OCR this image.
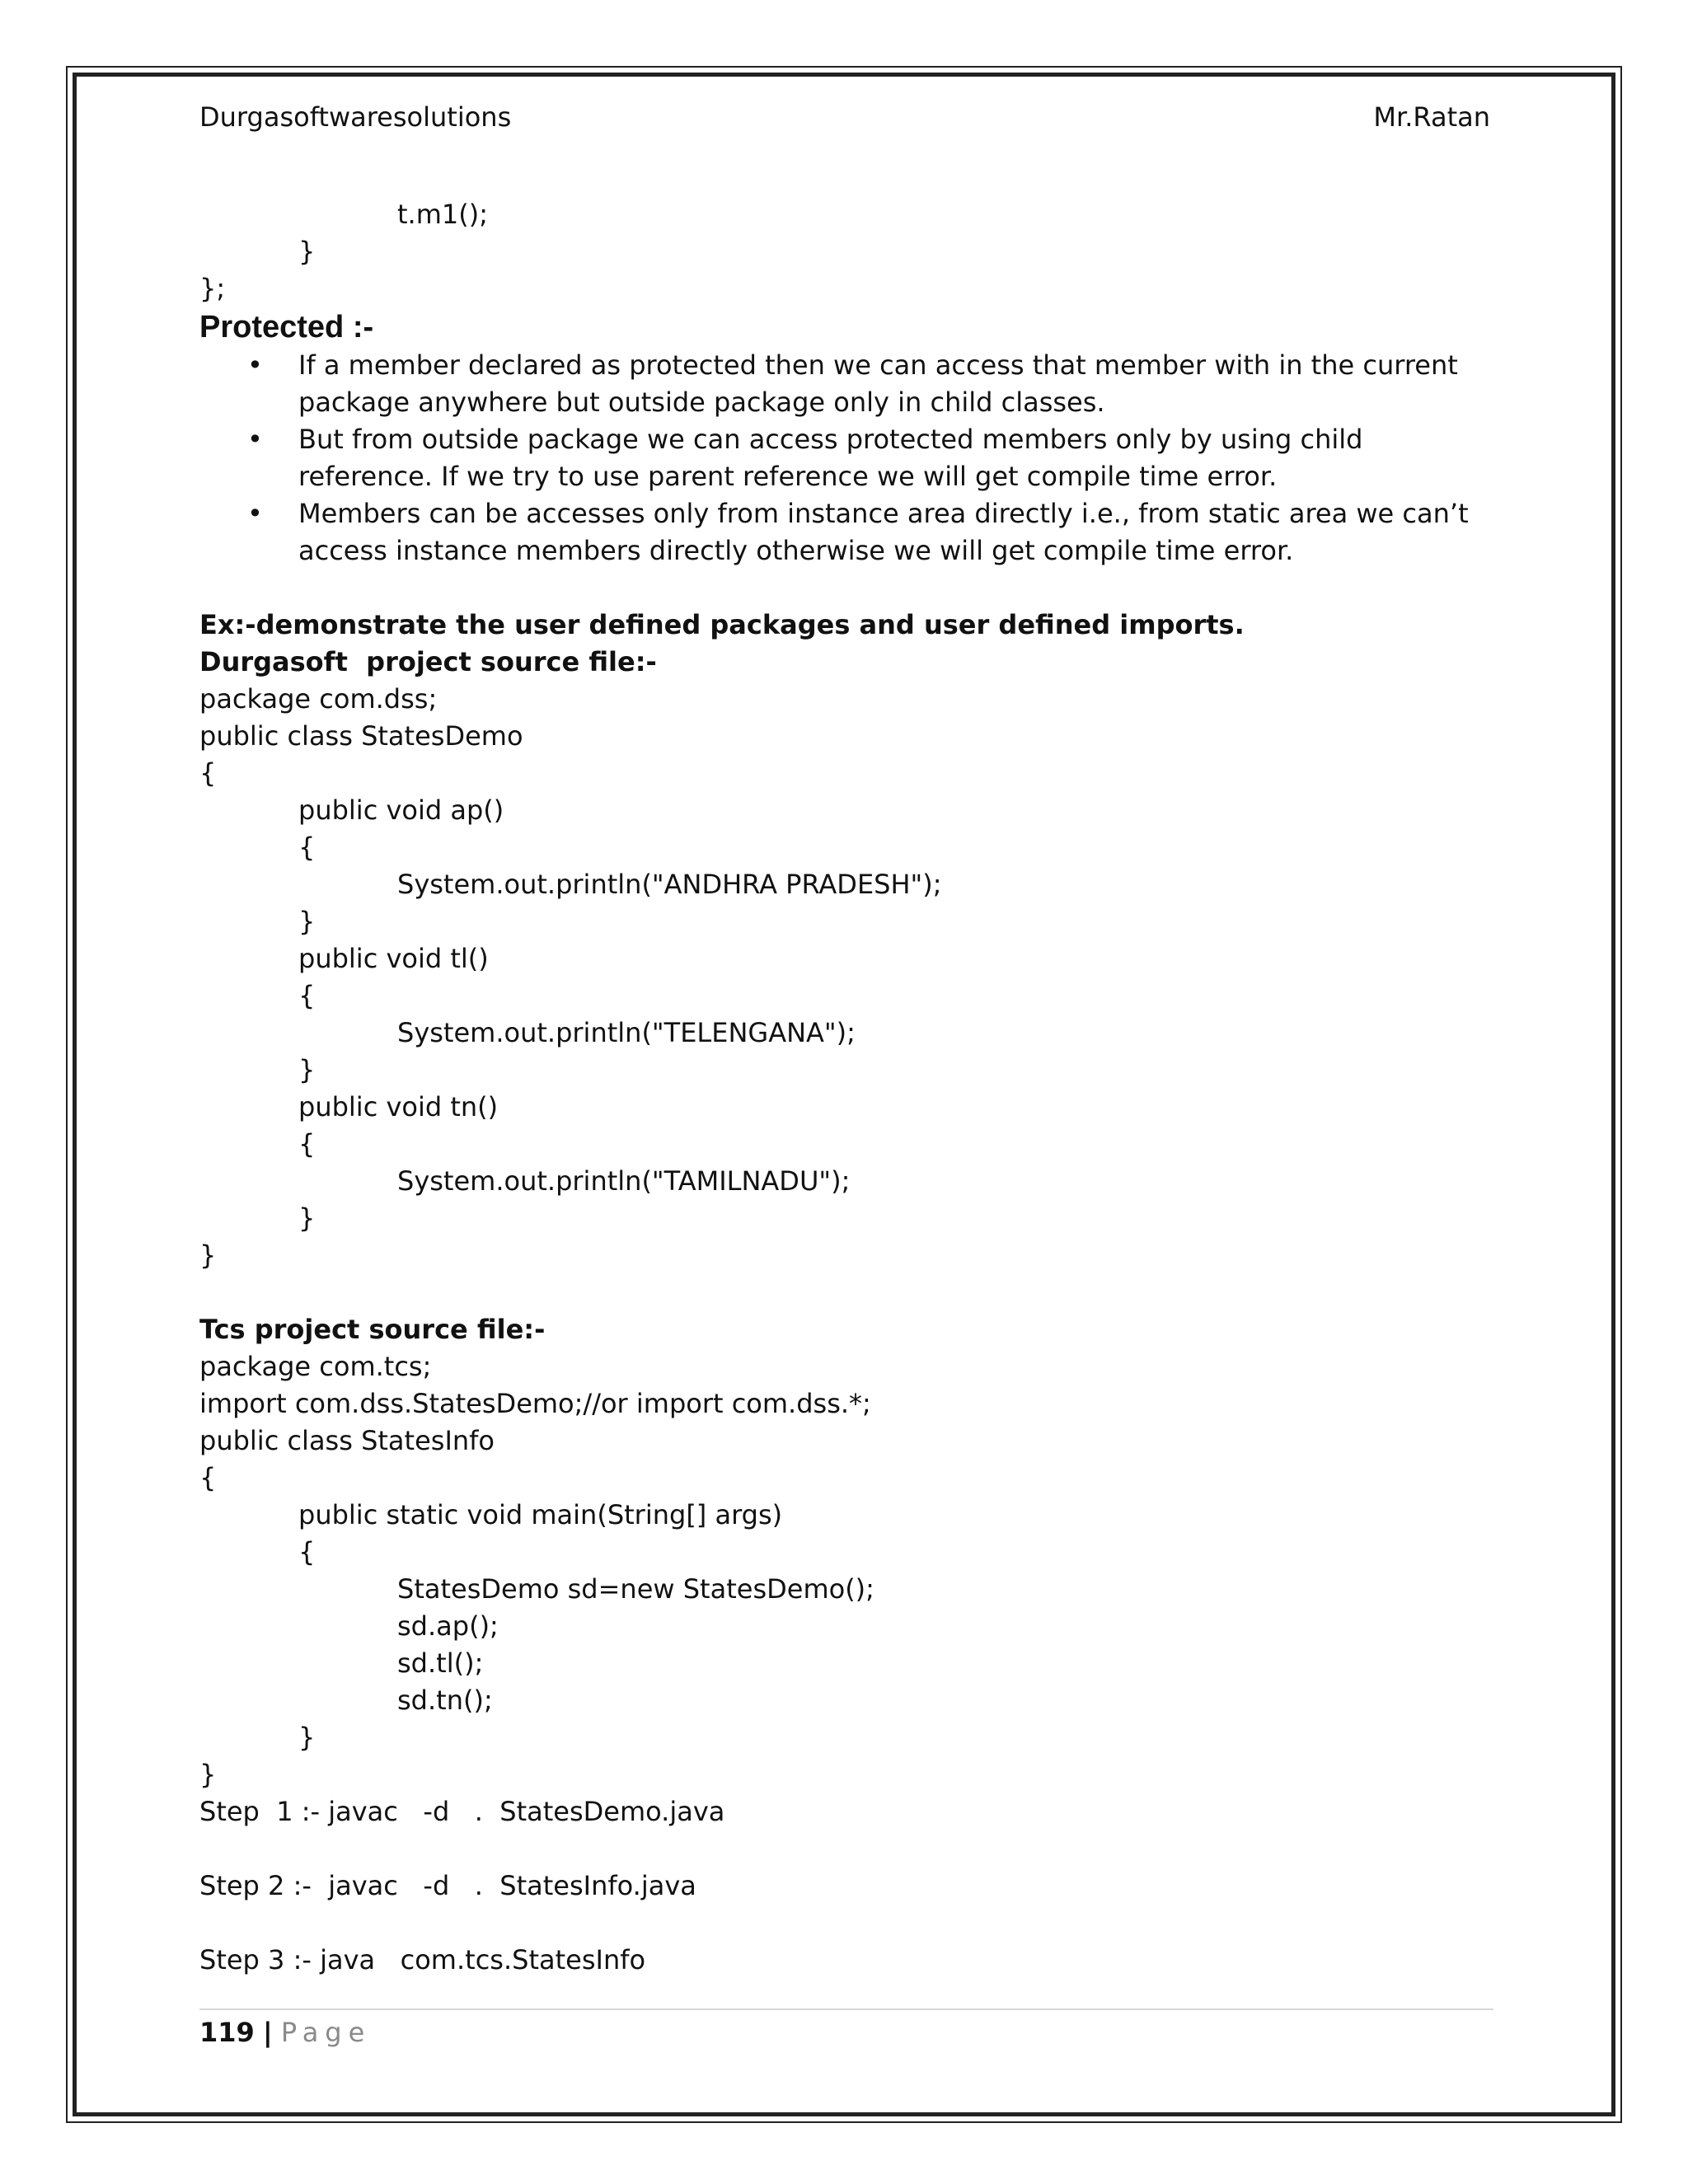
Durgasoftwaresolutions	Mr.Ratan
t.m1();
}
};
Protected :-
• If a member declared as protected then we can access that member with in the current package anywhere but outside package only in child classes.
• But from outside package we can access protected members only by using child reference. If we try to use parent reference we will get compile time error.
• Members can be accesses only from instance area directly i.e., from static area we can’t access instance members directly otherwise we will get compile time error.
Ex:-demonstrate the user defined packages and user defined imports.
Durgasoft  project source file:-
package com.dss;
public class StatesDemo
{
public void ap()
{
System.out.println("ANDHRA PRADESH");
}
public void tl()
{
System.out.println("TELENGANA");
}
public void tn()
{
System.out.println("TAMILNADU");
}
}
Tcs project source file:-
package com.tcs;
import com.dss.StatesDemo;//or import com.dss.*;
public class StatesInfo
{
public static void main(String[] args)
{
StatesDemo sd=new StatesDemo();
sd.ap();
sd.tl();
sd.tn();
}
}
Step  1 :- javac   -d   .  StatesDemo.java
Step 2 :-  javac   -d   .  StatesInfo.java
Step 3 :- java   com.tcs.StatesInfo
119 | Page
